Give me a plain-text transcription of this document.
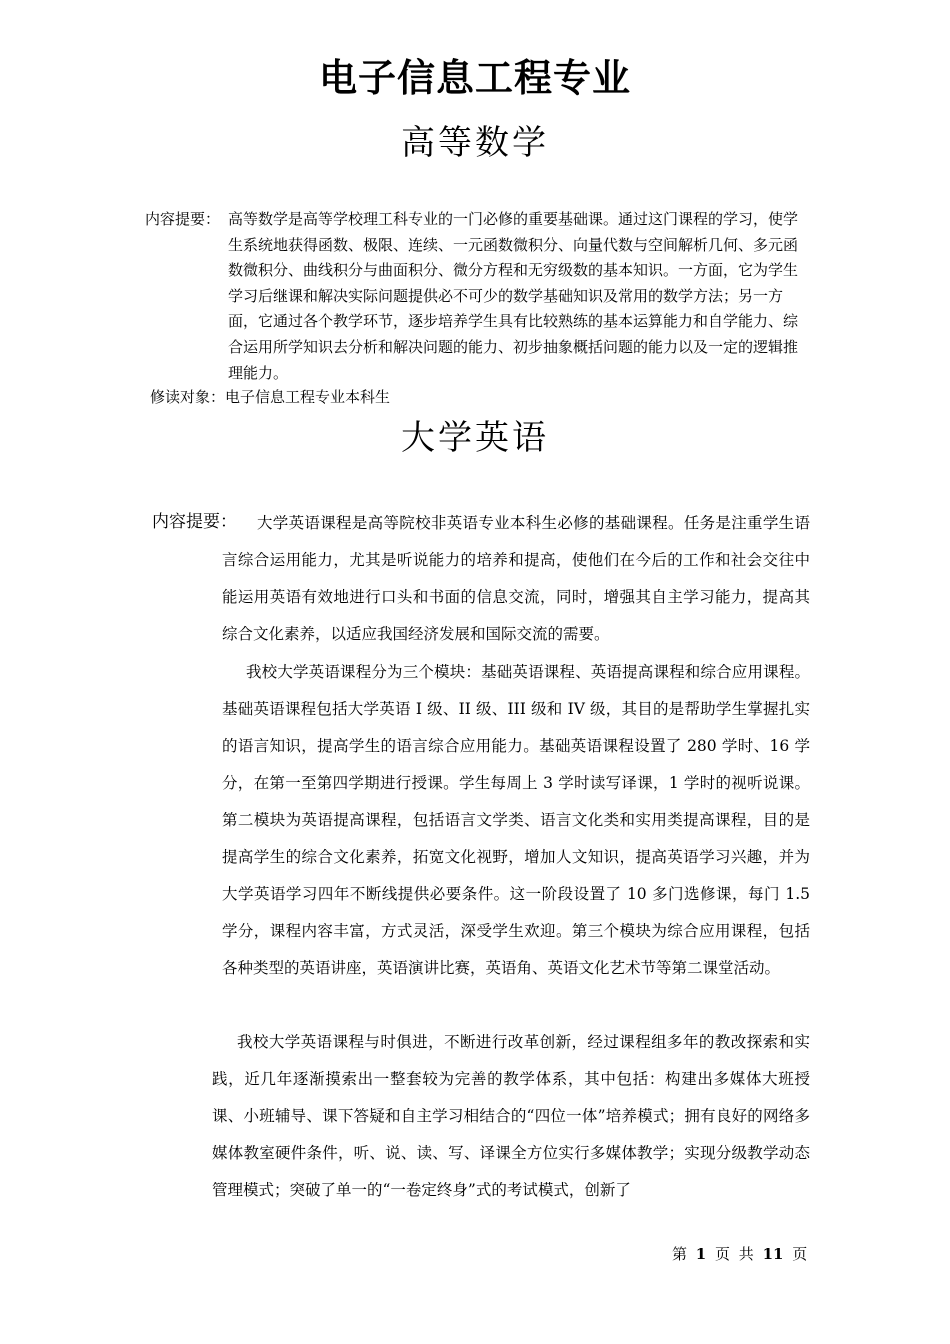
电子信息工程专业
高等数学
内容提要： 高等数学是高等学校理工科专业的一门必修的重要基础课。通过这门课程的学习，使学生系统地获得函数、极限、连续、一元函数微积分、向量代数与空间解析几何、多元函数微积分、曲线积分与曲面积分、微分方程和无穷级数的基本知识。一方面，它为学生学习后继课和解决实际问题提供必不可少的数学基础知识及常用的数学方法；另一方面，它通过各个教学环节，逐步培养学生具有比较熟练的基本运算能力和自学能力、综合运用所学知识去分析和解决问题的能力、初步抽象概括问题的能力以及一定的逻辑推理能力。
修读对象：电子信息工程专业本科生
大学英语
内容提要：	大学英语课程是高等院校非英语专业本科生必修的基础课程。任务是注重学生语言综合运用能力，尤其是听说能力的培养和提高，使他们在今后的工作和社会交往中能运用英语有效地进行口头和书面的信息交流，同时，增强其自主学习能力，提高其综合文化素养，以适应我国经济发展和国际交流的需要。
我校大学英语课程分为三个模块：基础英语课程、英语提高课程和综合应用课程。基础英语课程包括大学英语 I 级、II 级、III 级和 IV 级，其目的是帮助学生掌握扎实的语言知识，提高学生的语言综合应用能力。基础英语课程设置了 280 学时、16 学分，在第一至第四学期进行授课。学生每周上 3 学时读写译课，1 学时的视听说课。第二模块为英语提高课程，包括语言文学类、语言文化类和实用类提高课程，目的是提高学生的综合文化素养，拓宽文化视野，增加人文知识，提高英语学习兴趣，并为大学英语学习四年不断线提供必要条件。这一阶段设置了 10 多门选修课，每门 1.5 学分，课程内容丰富，方式灵活，深受学生欢迎。第三个模块为综合应用课程，包括各种类型的英语讲座，英语演讲比赛，英语角、英语文化艺术节等第二课堂活动。
我校大学英语课程与时俱进，不断进行改革创新，经过课程组多年的教改探索和实践，近几年逐渐摸索出一整套较为完善的教学体系，其中包括：构建出多媒体大班授课、小班辅导、课下答疑和自主学习相结合的“四位一体”培养模式；拥有良好的网络多媒体教室硬件条件，听、说、读、写、译课全方位实行多媒体教学；实现分级教学动态管理模式；突破了单一的“一卷定终身”式的考试模式，创新了
第 1 页 共 11 页
